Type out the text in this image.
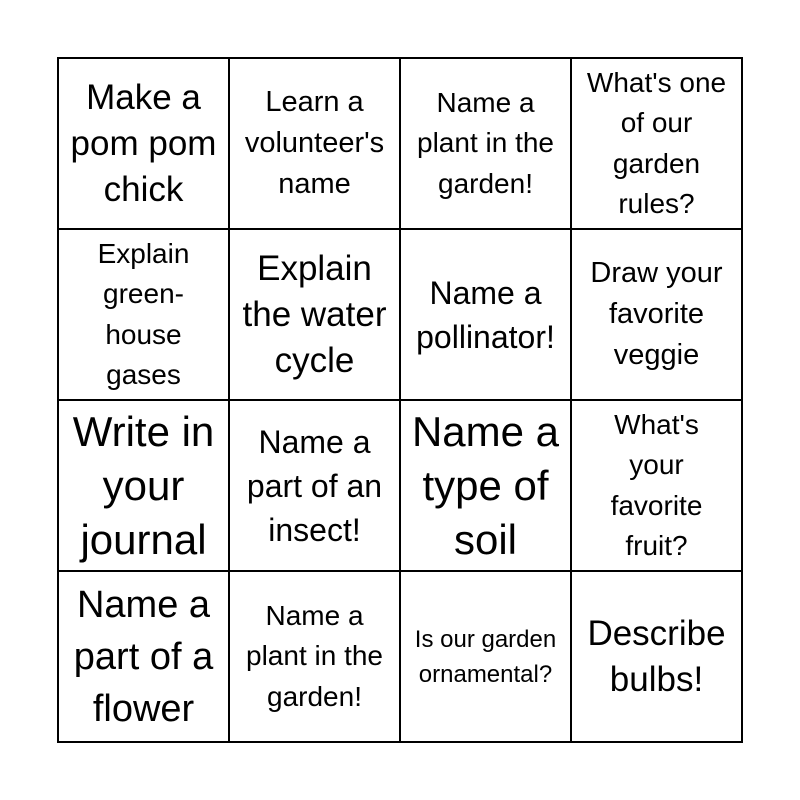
Make a pom pom chick
Learn a volunteer's name
Name a plant in the garden!
What's one of our garden rules?
Explain green-house gases
Explain the water cycle
Name a pollinator!
Draw your favorite veggie
Write in your journal
Name a part of an insect!
Name a type of soil
What's your favorite fruit?
Name a part of a flower
Name a plant in the garden!
Is our garden ornamental?
Describe bulbs!
